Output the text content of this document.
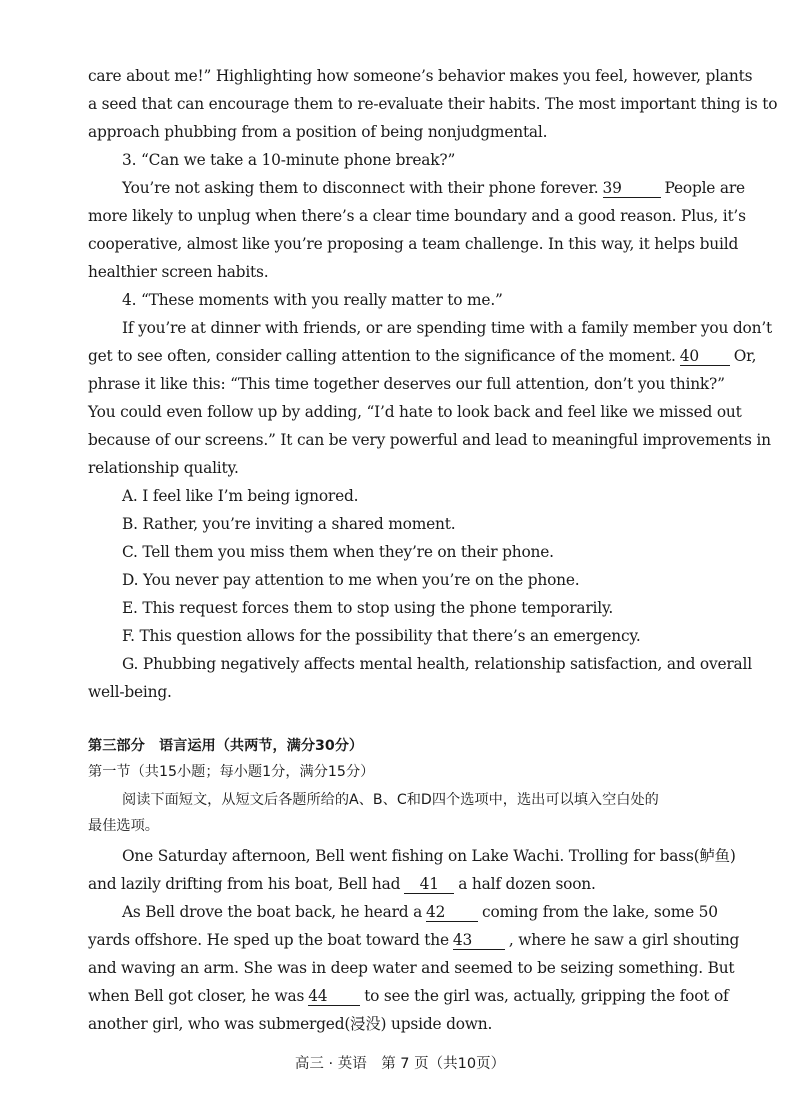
care about me!” Highlighting how someone’s behavior makes you feel, however, plants
a seed that can encourage them to re-evaluate their habits. The most important thing is to
approach phubbing from a position of being nonjudgmental.
3. “Can we take a 10-minute phone break?”
You’re not asking them to disconnect with their phone forever. 39	People are
more likely to unplug when there’s a clear time boundary and a good reason. Plus, it’s
cooperative, almost like you’re proposing a team challenge. In this way, it helps build
healthier screen habits.
4. “These moments with you really matter to me.”
If you’re at dinner with friends, or are spending time with a family member you don’t
get to see often, consider calling attention to the significance of the moment. 40 Or,
phrase it like this: “This time together deserves our full attention, don’t you think?”
You could even follow up by adding, “I’d hate to look back and feel like we missed out
because of our screens.” It can be very powerful and lead to meaningful improvements in
relationship quality.
A. I feel like I’m being ignored.
B. Rather, you’re inviting a shared moment.
C. Tell them you miss them when they’re on their phone.
D. You never pay attention to me when you’re on the phone.
E. This request forces them to stop using the phone temporarily.
F. This question allows for the possibility that there’s an emergency.
G. Phubbing negatively affects mental health, relationship satisfaction, and overall
well-being.
第三部分　语言运用（共两节，满分30分）
第一节（共15小题；每小题1分，满分15分）
阅读下面短文，从短文后各题所给的A、B、C和D四个选项中，选出可以填入空白处的
最佳选项。
One Saturday afternoon, Bell went fishing on Lake Wachi. Trolling for bass(鲈鱼)
and lazily drifting from his boat, Bell had 41 a half dozen soon.
As Bell drove the boat back, he heard a 42 coming from the lake, some 50
yards offshore. He sped up the boat toward the 43 , where he saw a girl shouting
and waving an arm. She was in deep water and seemed to be seizing something. But
when Bell got closer, he was 44 to see the girl was, actually, gripping the foot of
another girl, who was submerged(浸没) upside down.
高三 · 英语　第 7 页（共10页）
